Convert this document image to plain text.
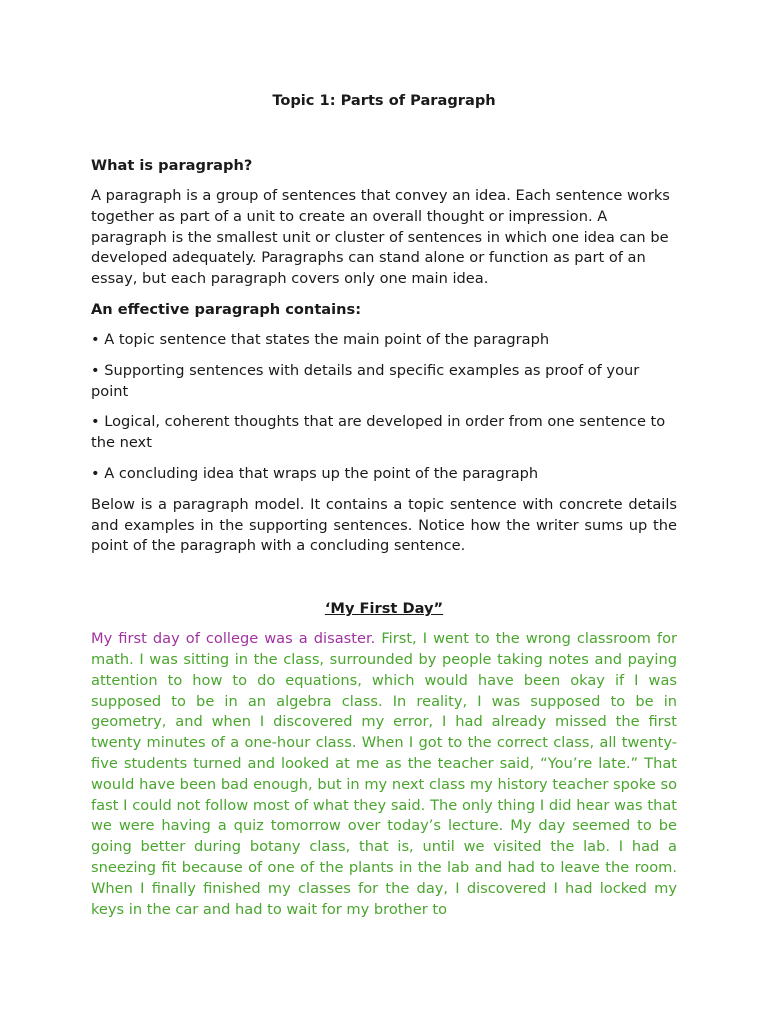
Topic 1: Parts of Paragraph
What is paragraph?

A paragraph is a group of sentences that convey an idea. Each sentence works together as part of a unit to create an overall thought or impression. A paragraph is the smallest unit or cluster of sentences in which one idea can be developed adequately. Paragraphs can stand alone or function as part of an essay, but each paragraph covers only one main idea.

An effective paragraph contains:

• A topic sentence that states the main point of the paragraph

• Supporting sentences with details and specific examples as proof of your point

• Logical, coherent thoughts that are developed in order from one sentence to the next

• A concluding idea that wraps up the point of the paragraph

Below is a paragraph model. It contains a topic sentence with concrete details and examples in the supporting sentences. Notice how the writer sums up the point of the paragraph with a concluding sentence.

‘My First Day”

My first day of college was a disaster. First, I went to the wrong classroom for math. I was sitting in the class, surrounded by people taking notes and paying attention to how to do equations, which would have been okay if I was supposed to be in an algebra class. In reality, I was supposed to be in geometry, and when I discovered my error, I had already missed the first twenty minutes of a one-hour class. When I got to the correct class, all twenty-five students turned and looked at me as the teacher said, “You’re late.” That would have been bad enough, but in my next class my history teacher spoke so fast I could not follow most of what they said. The only thing I did hear was that we were having a quiz tomorrow over today’s lecture. My day seemed to be going better during botany class, that is, until we visited the lab. I had a sneezing fit because of one of the plants in the lab and had to leave the room. When I finally finished my classes for the day, I discovered I had locked my keys in the car and had to wait for my brother to
